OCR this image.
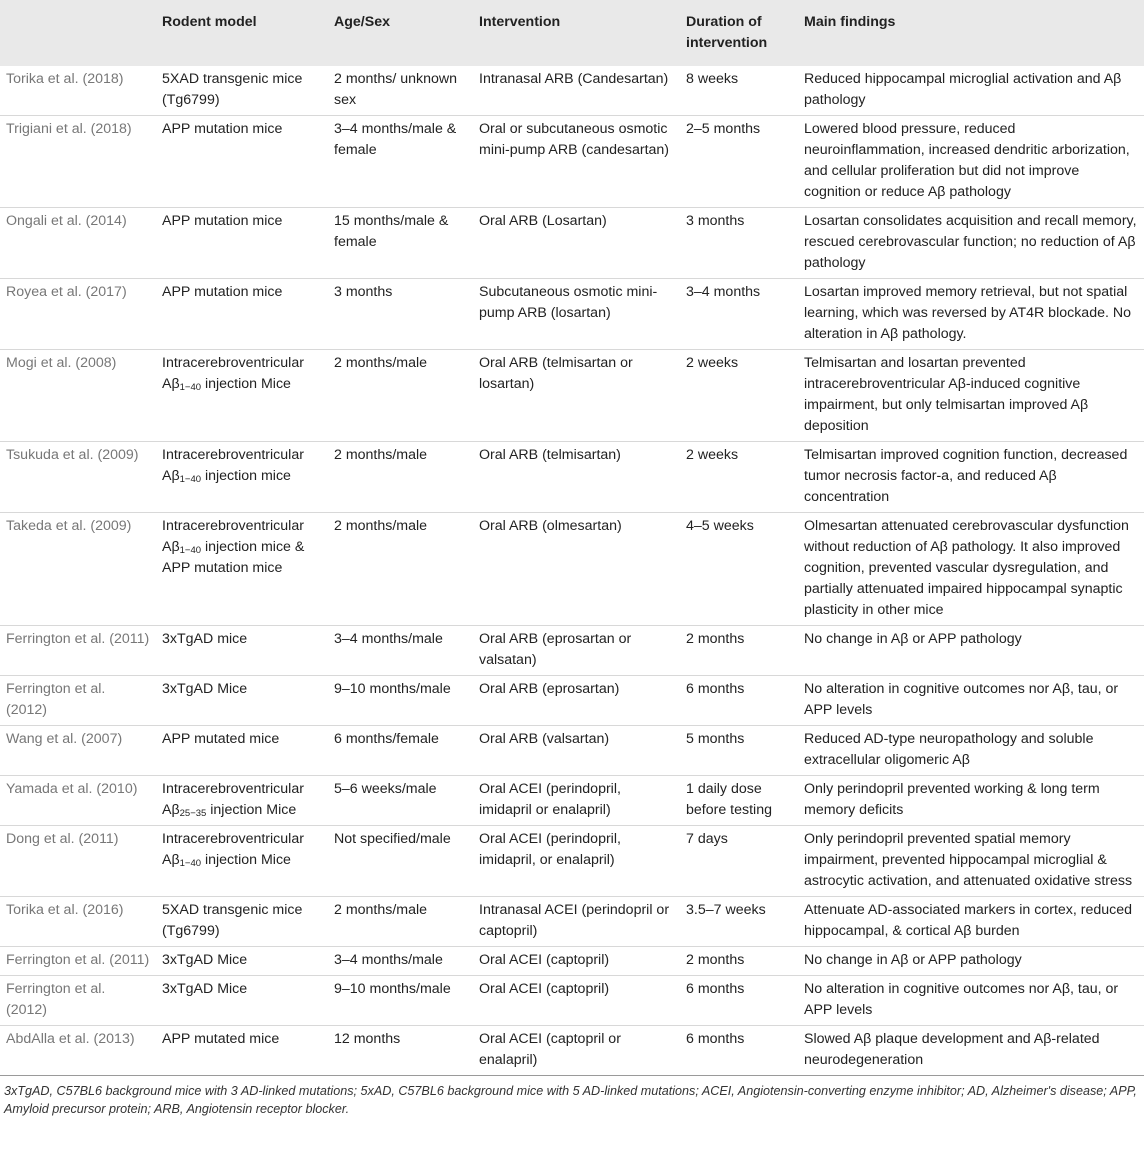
	Rodent model	Age/Sex	Intervention	Duration of intervention	Main findings
Torika et al. (2018)	5XAD transgenic mice (Tg6799)	2 months/ unknown sex	Intranasal ARB (Candesartan)	8 weeks	Reduced hippocampal microglial activation and Aβ pathology
Trigiani et al. (2018)	APP mutation mice	3–4 months/male & female	Oral or subcutaneous osmotic mini-pump ARB (candesartan)	2–5 months	Lowered blood pressure, reduced neuroinflammation, increased dendritic arborization, and cellular proliferation but did not improve cognition or reduce Aβ pathology
Ongali et al. (2014)	APP mutation mice	15 months/male & female	Oral ARB (Losartan)	3 months	Losartan consolidates acquisition and recall memory, rescued cerebrovascular function; no reduction of Aβ pathology
Royea et al. (2017)	APP mutation mice	3 months	Subcutaneous osmotic mini-pump ARB (losartan)	3–4 months	Losartan improved memory retrieval, but not spatial learning, which was reversed by AT4R blockade. No alteration in Aβ pathology.
Mogi et al. (2008)	Intracerebroventricular $A\beta_{1-40}$ injection Mice	2 months/male	Oral ARB (telmisartan or losartan)	2 weeks	Telmisartan and losartan prevented intracerebroventricular Aβ-induced cognitive impairment, but only telmisartan improved Aβ deposition
Tsukuda et al. (2009)	Intracerebroventricular $A\beta_{1-40}$ injection mice	2 months/male	Oral ARB (telmisartan)	2 weeks	Telmisartan improved cognition function, decreased tumor necrosis factor-a, and reduced Aβ concentration
Takeda et al. (2009)	Intracerebroventricular $A\beta_{1-40}$ injection mice & APP mutation mice	2 months/male	Oral ARB (olmesartan)	4–5 weeks	Olmesartan attenuated cerebrovascular dysfunction without reduction of Aβ pathology. It also improved cognition, prevented vascular dysregulation, and partially attenuated impaired hippocampal synaptic plasticity in other mice
Ferrington et al. (2011)	3xTgAD mice	3–4 months/male	Oral ARB (eprosartan or valsatan)	2 months	No change in Aβ or APP pathology
Ferrington et al. (2012)	3xTgAD Mice	9–10 months/male	Oral ARB (eprosartan)	6 months	No alteration in cognitive outcomes nor Aβ, tau, or APP levels
Wang et al. (2007)	APP mutated mice	6 months/female	Oral ARB (valsartan)	5 months	Reduced AD-type neuropathology and soluble extracellular oligomeric Aβ
Yamada et al. (2010)	Intracerebroventricular $A\beta_{25-35}$ injection Mice	5–6 weeks/male	Oral ACEI (perindopril, imidapril or enalapril)	1 daily dose before testing	Only perindopril prevented working & long term memory deficits
Dong et al. (2011)	Intracerebroventricular $A\beta_{1-40}$ injection Mice	Not specified/male	Oral ACEI (perindopril, imidapril, or enalapril)	7 days	Only perindopril prevented spatial memory impairment, prevented hippocampal microglial & astrocytic activation, and attenuated oxidative stress
Torika et al. (2016)	5XAD transgenic mice (Tg6799)	2 months/male	Intranasal ACEI (perindopril or captopril)	3.5–7 weeks	Attenuate AD-associated markers in cortex, reduced hippocampal, & cortical Aβ burden
Ferrington et al. (2011)	3xTgAD Mice	3–4 months/male	Oral ACEI (captopril)	2 months	No change in Aβ or APP pathology
Ferrington et al. (2012)	3xTgAD Mice	9–10 months/male	Oral ACEI (captopril)	6 months	No alteration in cognitive outcomes nor Aβ, tau, or APP levels
AbdAlla et al. (2013)	APP mutated mice	12 months	Oral ACEI (captopril or enalapril)	6 months	Slowed Aβ plaque development and Aβ-related neurodegeneration
3xTgAD, C57BL6 background mice with 3 AD-linked mutations; 5xAD, C57BL6 background mice with 5 AD-linked mutations; ACEI, Angiotensin-converting enzyme inhibitor; AD, Alzheimer's disease; APP, Amyloid precursor protein; ARB, Angiotensin receptor blocker.
